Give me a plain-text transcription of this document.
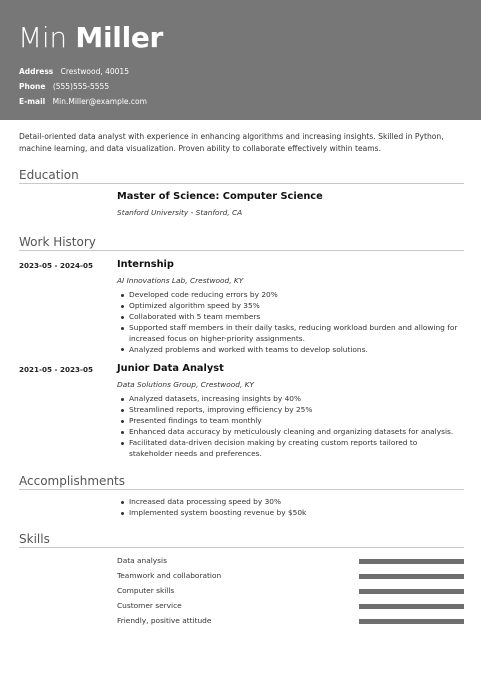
Min Miller
Address Crestwood, 40015
Phone (555)555-5555
E-mail Min.Miller@example.com
Detail-oriented data analyst with experience in enhancing algorithms and increasing insights. Skilled in Python, machine learning, and data visualization. Proven ability to collaborate effectively within teams.
Education
Master of Science: Computer Science
Stanford University - Stanford, CA
Work History
2023-05 - 2024-05 Internship
AI Innovations Lab, Crestwood, KY
Developed code reducing errors by 20%
Optimized algorithm speed by 35%
Collaborated with 5 team members
Supported staff members in their daily tasks, reducing workload burden and allowing for increased focus on higher-priority assignments.
Analyzed problems and worked with teams to develop solutions.
2021-05 - 2023-05 Junior Data Analyst
Data Solutions Group, Crestwood, KY
Analyzed datasets, increasing insights by 40%
Streamlined reports, improving efficiency by 25%
Presented findings to team monthly
Enhanced data accuracy by meticulously cleaning and organizing datasets for analysis.
Facilitated data-driven decision making by creating custom reports tailored to stakeholder needs and preferences.
Accomplishments
Increased data processing speed by 30%
Implemented system boosting revenue by $50k
Skills
Data analysis
Teamwork and collaboration
Computer skills
Customer service
Friendly, positive attitude
